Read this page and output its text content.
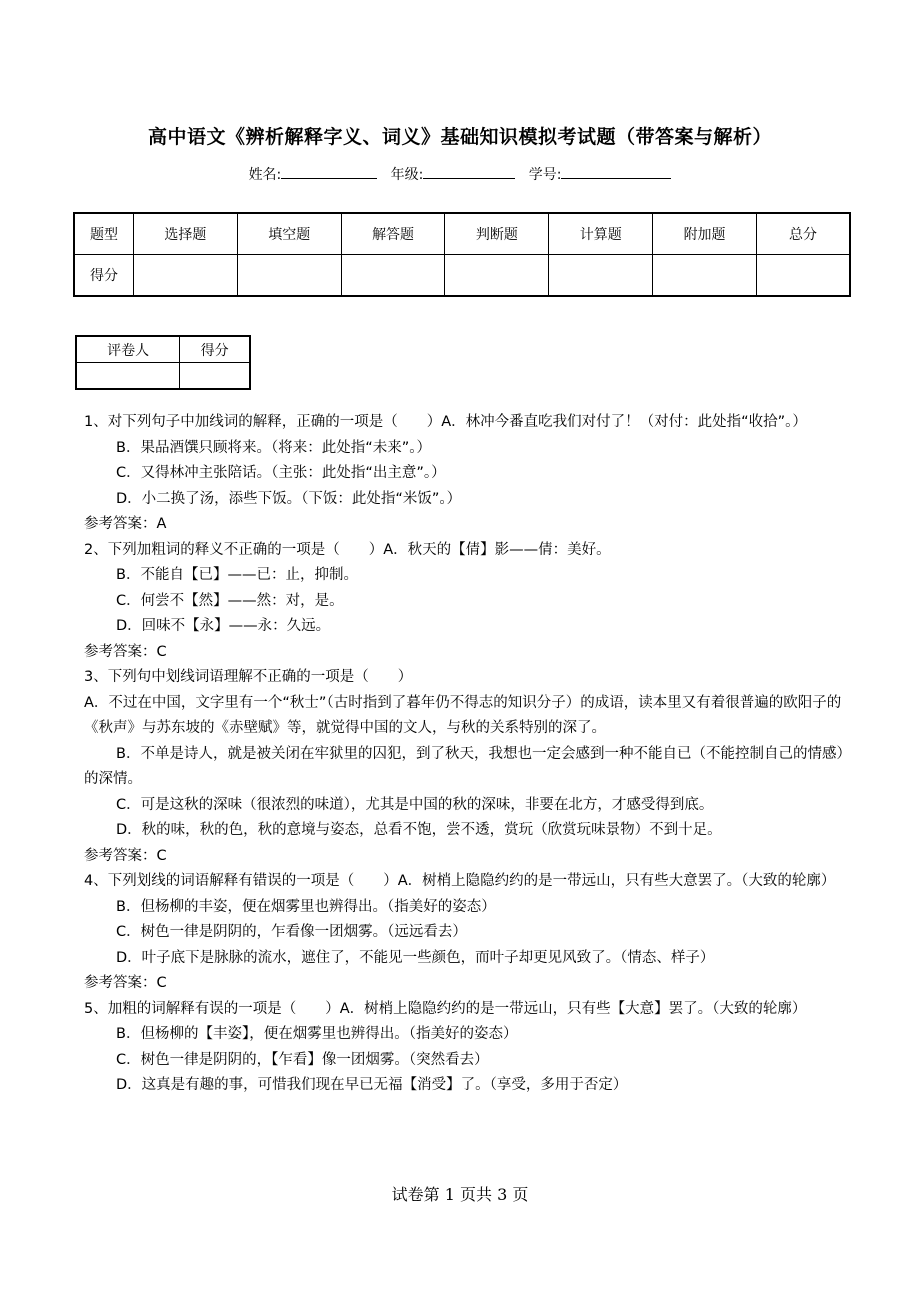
高中语文《辨析解释字义、词义》基础知识模拟考试题（带答案与解析）
姓名:	年级:	学号:
题型	选择题	填空题	解答题	判断题	计算题	附加题	总分
得分							
评卷人	得分

1、对下列句子中加线词的解释，正确的一项是（　　）A．林冲今番直吃我们对付了！（对付：此处指“收拾”。）

B．果品酒馔只顾将来。（将来：此处指“未来”。）

C．又得林冲主张陪话。（主张：此处指“出主意”。）

D．小二换了汤，添些下饭。（下饭：此处指“米饭”。）

参考答案：A

2、下列加粗词的释义不正确的一项是（　　）A．秋天的【倩】影——倩：美好。

B．不能自【已】——已：止，抑制。

C．何尝不【然】——然：对，是。

D．回味不【永】——永：久远。

参考答案：C

3、下列句中划线词语理解不正确的一项是（　　）

A．不过在中国，文字里有一个“秋士”（古时指到了暮年仍不得志的知识分子）的成语，读本里又有着很普遍的欧阳子的《秋声》与苏东坡的《赤壁赋》等，就觉得中国的文人，与秋的关系特别的深了。

B．不单是诗人，就是被关闭在牢狱里的囚犯，到了秋天，我想也一定会感到一种不能自已（不能控制自己的情感）的深情。

C．可是这秋的深味（很浓烈的味道），尤其是中国的秋的深味，非要在北方，才感受得到底。

D．秋的味，秋的色，秋的意境与姿态，总看不饱，尝不透，赏玩（欣赏玩味景物）不到十足。

参考答案：C

4、下列划线的词语解释有错误的一项是（　　）A．树梢上隐隐约约的是一带远山，只有些大意罢了。（大致的轮廓）

B．但杨柳的丰姿，便在烟雾里也辨得出。（指美好的姿态）

C．树色一律是阴阴的，乍看像一团烟雾。（远远看去）

D．叶子底下是脉脉的流水，遮住了，不能见一些颜色，而叶子却更见风致了。（情态、样子）

参考答案：C

5、加粗的词解释有误的一项是（　　）A．树梢上隐隐约约的是一带远山，只有些【大意】罢了。（大致的轮廓）

B．但杨柳的【丰姿】，便在烟雾里也辨得出。（指美好的姿态）

C．树色一律是阴阴的，【乍看】像一团烟雾。（突然看去）

D．这真是有趣的事，可惜我们现在早已无福【消受】了。（享受，多用于否定）

试卷第 1 页共 3 页
